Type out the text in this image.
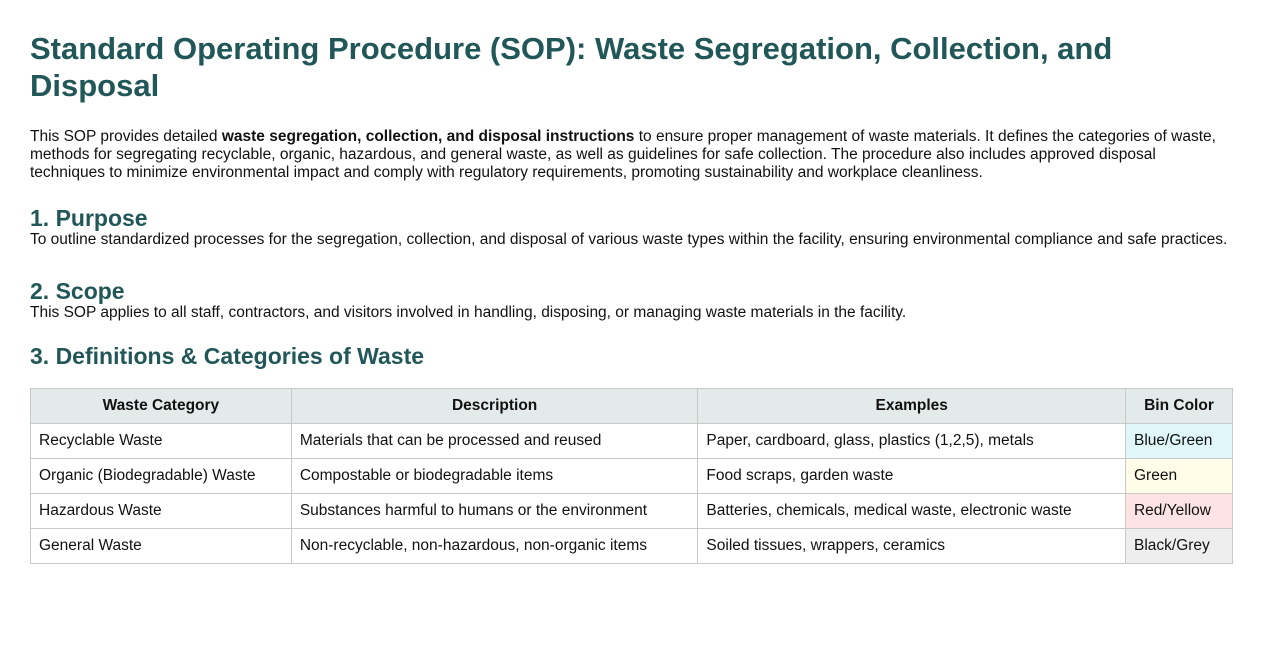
Standard Operating Procedure (SOP): Waste Segregation, Collection, and Disposal

This SOP provides detailed waste segregation, collection, and disposal instructions to ensure proper management of waste materials. It defines the categories of waste, methods for segregating recyclable, organic, hazardous, and general waste, as well as guidelines for safe collection. The procedure also includes approved disposal techniques to minimize environmental impact and comply with regulatory requirements, promoting sustainability and workplace cleanliness.

1. Purpose

To outline standardized processes for the segregation, collection, and disposal of various waste types within the facility, ensuring environmental compliance and safe practices.

2. Scope

This SOP applies to all staff, contractors, and visitors involved in handling, disposing, or managing waste materials in the facility.

3. Definitions & Categories of Waste
Waste Category	Description	Examples	Bin Color
Recyclable Waste	Materials that can be processed and reused	Paper, cardboard, glass, plastics (1,2,5), metals	Blue/Green
Organic (Biodegradable) Waste	Compostable or biodegradable items	Food scraps, garden waste	Green
Hazardous Waste	Substances harmful to humans or the environment	Batteries, chemicals, medical waste, electronic waste	Red/Yellow
General Waste	Non-recyclable, non-hazardous, non-organic items	Soiled tissues, wrappers, ceramics	Black/Grey
